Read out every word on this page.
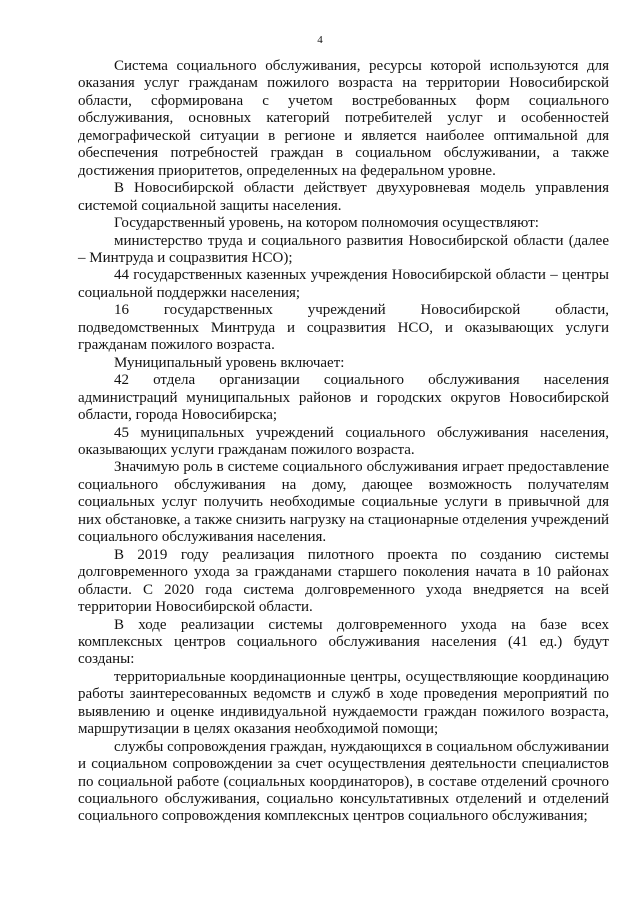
4

Система социального обслуживания, ресурсы которой используются для оказания услуг гражданам пожилого возраста на территории Новосибирской области, сформирована с учетом востребованных форм социального обслуживания, основных категорий потребителей услуг и особенностей демографической ситуации в регионе и является наиболее оптимальной для обеспечения потребностей граждан в социальном обслуживании, а также достижения приоритетов, определенных на федеральном уровне.

В Новосибирской области действует двухуровневая модель управления системой социальной защиты населения.

Государственный уровень, на котором полномочия осуществляют:

министерство труда и социального развития Новосибирской области (далее – Минтруда и соцразвития НСО);

44 государственных казенных учреждения Новосибирской области – центры социальной поддержки населения;

16 государственных учреждений Новосибирской области, подведомственных Минтруда и соцразвития НСО, и оказывающих услуги гражданам пожилого возраста.

Муниципальный уровень включает:

42 отдела организации социального обслуживания населения администраций муниципальных районов и городских округов Новосибирской области, города Новосибирска;

45 муниципальных учреждений социального обслуживания населения, оказывающих услуги гражданам пожилого возраста.

Значимую роль в системе социального обслуживания играет предоставление социального обслуживания на дому, дающее возможность получателям социальных услуг получить необходимые социальные услуги в привычной для них обстановке, а также снизить нагрузку на стационарные отделения учреждений социального обслуживания населения.

В 2019 году реализация пилотного проекта по созданию системы долговременного ухода за гражданами старшего поколения начата в 10 районах области. С 2020 года система долговременного ухода внедряется на всей территории Новосибирской области.

В ходе реализации системы долговременного ухода на базе всех комплексных центров социального обслуживания населения (41 ед.) будут созданы:

территориальные координационные центры, осуществляющие координацию работы заинтересованных ведомств и служб в ходе проведения мероприятий по выявлению и оценке индивидуальной нуждаемости граждан пожилого возраста, маршрутизации в целях оказания необходимой помощи;

службы сопровождения граждан, нуждающихся в социальном обслуживании и социальном сопровождении за счет осуществления деятельности специалистов по социальной работе (социальных координаторов), в составе отделений срочного социального обслуживания, социально консультативных отделений и отделений социального сопровождения комплексных центров социального обслуживания;
